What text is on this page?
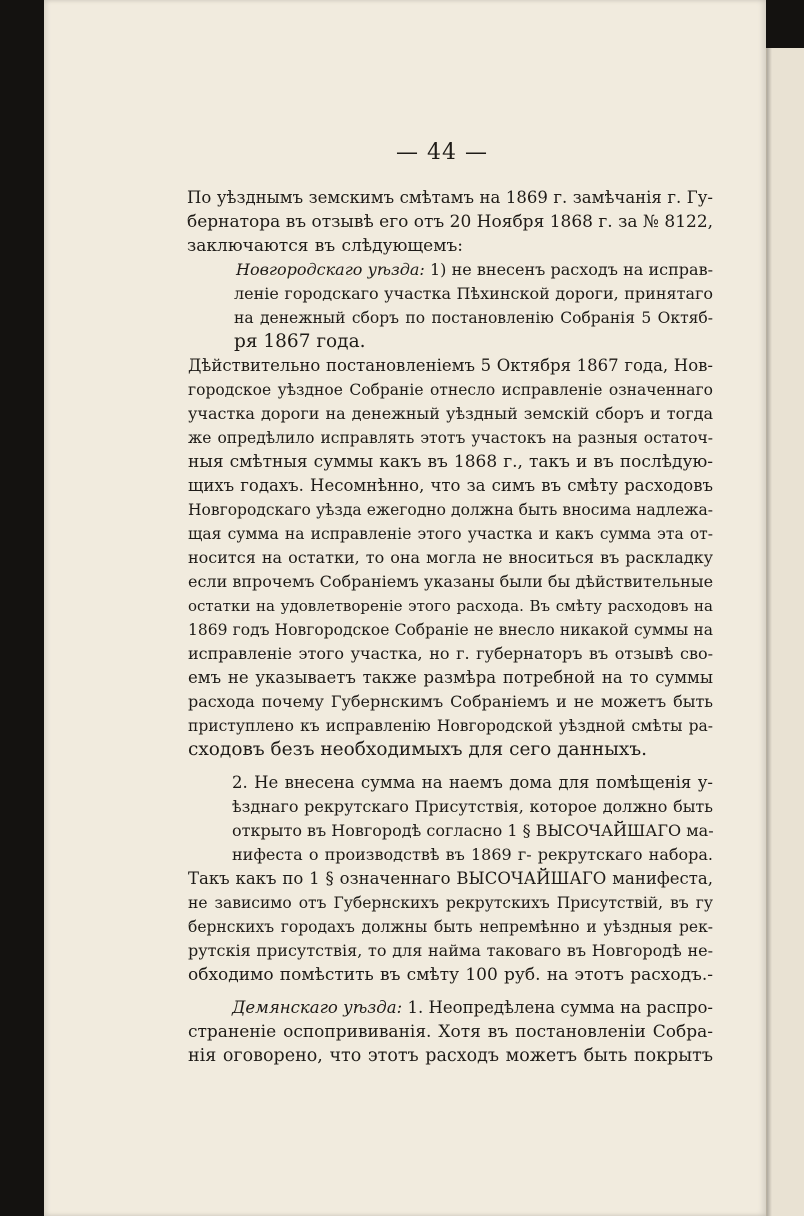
— 44 —
По уѣзднымъ земскимъ смѣтамъ на 1869 г. замѣчанія г. Гу-
бернатора въ отзывѣ его отъ 20 Ноября 1868 г. за № 8122,
заключаются въ слѣдующемъ:
Новгородскаго уѣзда: 1) не внесенъ расходъ на исправ-
леніе городскаго участка Пѣхинской дороги, принятаго
на денежный сборъ по постановленію Собранія 5 Октяб-
ря 1867 года.
Дѣйствительно постановленіемъ 5 Октября 1867 года, Нов-
городское уѣздное Собраніе отнесло исправленіе означеннаго
участка дороги на денежный уѣздный земскій сборъ и тогда
же опредѣлило исправлять этотъ участокъ на разныя остаточ-
ныя смѣтныя суммы какъ въ 1868 г., такъ и въ послѣдую-
щихъ годахъ. Несомнѣнно, что за симъ въ смѣту расходовъ
Новгородскаго уѣзда ежегодно должна быть вносима надлежа-
щая сумма на исправленіе этого участка и какъ сумма эта от-
носится на остатки, то она могла не вноситься въ раскладку
если впрочемъ Собраніемъ указаны были бы дѣйствительные
остатки на удовлетвореніе этого расхода. Въ смѣту расходовъ на
1869 годъ Новгородское Собраніе не внесло никакой суммы на
исправленіе этого участка, но г. губернаторъ въ отзывѣ сво-
емъ не указываетъ также размѣра потребной на то суммы
расхода почему Губернскимъ Собраніемъ и не можетъ быть
приступлено къ исправленію Новгородской уѣздной смѣты ра-
сходовъ безъ необходимыхъ для сего данныхъ.
2. Не внесена сумма на наемъ дома для помѣщенія у-
ѣзднаго рекрутскаго Присутствія, которое должно быть
открыто въ Новгородѣ согласно 1 § ВЫСОЧАЙШАГО ма-
нифеста о производствѣ въ 1869 г- рекрутскаго набора.
Такъ какъ по 1 § означеннаго ВЫСОЧАЙШАГО манифеста,
не зависимо отъ Губернскихъ рекрутскихъ Присутствій, въ гу
бернскихъ городахъ должны быть непремѣнно и уѣздныя рек-
рутскія присутствія, то для найма таковаго въ Новгородѣ не-
обходимо помѣстить въ смѣту 100 руб. на этотъ расходъ.-
Демянскаго уѣзда: 1. Неопредѣлена сумма на распро-
страненіе оспопрививанія. Хотя въ постановленіи Собра-
нія оговорено, что этотъ расходъ можетъ быть покрытъ
